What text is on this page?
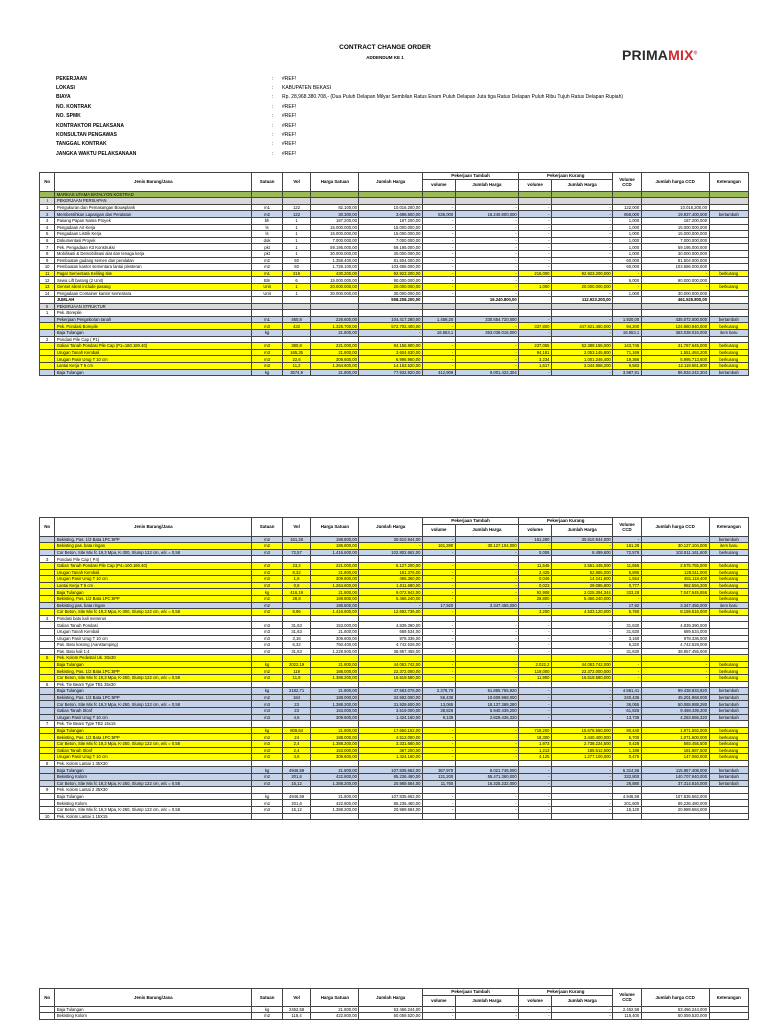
CONTRACT CHANGE ORDER
ADDENDUM KE 1	PRIMAMIX®
PEKERJAAN	:	#REF!
LOKASI	:	KABUPATEN BEKASI
BIAYA	:	Rp. 28,968.380.708,- (Dua Puluh Delapan Milyar Sembilan Ratus Enam Puluh Delapan Juta tiga Ratus Delapan Puluh Ribu Tujuh Ratus Delapan Rupiah)
NO. KONTRAK	:	#REF!
NO. SPMK	:	#REF!
KONTRAKTOR PELAKSANA	:	#REF!
KONSULTAN PENGAWAS	:	#REF!
TANGGAL KONTRAK	:	#REF!
JANGKA WAKTU PELAKSANAAN	:	#REF!
No	Jenis Barang/Jasa	Satuan	Vol	Harga Satuan	Jumlah Harga	Pekerjaan Tambah		Pekerjaan Kurang		Volume CCD	Jumlah harga CCD	Keterangan
						volume	Jumlah Harga	volume	Jumlah Harga			
	MARKAS UTAMA BATALYON KOSTRAD											
I	PEKERJAAN PERSIAPAN											
1	Pengukuran dan Pemasangan Bouwplank	m1	122	82.100,00	10.016.200,00	-	-	-	-	122,000	10.016.200,00	
2	Membersihkan Lapangan dan Peralatan	m2	122	30.300,00	3.696.600,00	536,000	16.240.800,000	-	-	658,000	19.937.400,000	bertambah
3	Pasang Papan Nama Proyek	bh	1	187.200,00	187.200,00	-	-	-	-	1,000	187.200,000	
4	Pengadaan Air Kerja	ls	1	15.000.000,00	15.000.000,00	-	-	-	-	1,000	15.000.000,000	
5	Pengadaan Listrik Kerja	ls	1	15.000.000,00	15.000.000,00	-	-	-	-	1,000	15.000.000,000	
6	Dokumentasi Proyek	dok	1	7.000.000,00	7.000.000,00	-	-	-	-	1,000	7.000.000,000	
7	Pek. Pengadaan K3 Konstruksi	pkt	1	59.195.000,00	59.195.000,00	-	-	-	-	1,000	59.195.000,000	
8	Mobilisasi & Demobilisasi alat dan tenaga kerja	pkt	1	30.000.000,00	30.000.000,00	-	-	-	-	1,000	30.000.000,000	
9	Pembuatan gudang semen dan peralatan	m2	60	1.358.400,00	81.504.000,00	-	-	-	-	60,000	81.504.000,000	
10	Pembuatan kantor sementara lantai plesteran	m2	60	1.728.100,00	103.686.000,00	-	-	-	-	60,000	103.686.000,000	
11	Pagar Sementara Keliling site	m1	216	430.200,00	92.923.200,00	-	-	216,000	92.923.200,000	-	-	berkurang
12	Sewa Lift barang (2 Unit)	Bln	6	15.000.000,00	90.000.000,00	-	-	-	-	6,000	90.000.000,000	
13	Genset silent include pasang	Unit	1	20.000.000,00	20.000.000,00	-	-	1,000	20.000.000,000	-	-	berkurang
14	Pengadaan Container kantor sementara	Unit	1	30.000.000,00	30.000.000,00	-	-	-	-	1,000	30.000.000,000	
	JUMLAH				558.208.200,00		16.240.800,00		112.923.200,00		461.525.800,00	
II	PEKERJAAN STRUKTUR											
1	Pek. Borepile											
	Pekerjaan Pengeboran tanah	m1	460,8	226.600,00	104.417.280,00	1.459,20	330.654.720,000	-	-	1.920,00	435.072.000,000	bertambah
	Pek. Pondasi Borepile	m3	432	1.325.700,00	572.702.400,00	-	-	337,800	447.821.460,000	94,200	124.880.940,000	berkurang
	Baja Tulangan	kg		21.800,00	-	16.653,1	363.038.016,000	-	-	16.653,1	363.038.016,000	item baru
2	Pondasi Pile Cap ( P1)											
	Galian Tanah Pondasi Pile Cap (P1=180.180.40)	m3	380,8	221.000,00	84.156.800,00	-	-	237,055	52.389.155,000	143,745	31.767.645,000	berkurang
	Urugan Tanah Kembali	m3	165,35	21.800,00	3.604.630,00	-	-	94,181	2.053.145,800	71,169	1.551.484,200	berkurang
	Urugan Pasir Urug T 10 cm	m3	22,6	309.600,00	6.996.960,00	-	-	3,234	1.001.246,400	19,366	5.995.713,600	berkurang
	Lantai Kerja T 5 cm	m3	11,2	1.264.600,00	14.163.520,00	-	-	1,617	2.044.858,200	9,583	12.118.661,800	berkurang
	Baja Tulangan	kg	3574,9	21.800,00	77.932.820,00	412,909	9.001.422,304	-	-	3.987,81	86.934.242,304	bertambah
No	Jenis Barang/Jasa	Satuan	Vol	Harga Satuan	Jumlah Harga	Pekerjaan Tambah		Pekerjaan Kurang		Volume CCD	Jumlah harga CCD	Keterangan
						volume	Jumlah Harga	volume	Jumlah Harga			
	Bekisting, Pas. 1/2 Bata 1PC:5PP	m2	161,28	188.800,00	30.610.944,00	-	-	161,280	30.610.944,000	-	-	bertambah
	Bekisting pas. bata ringan	m2		186.800,00	-	161,280	30.127.104,000	-	-	161,28	30.127.104,000	item baru
	Cor Beton, Site Mix fc 19,3 Mpa, K-300, Slump 122 cm, w/c = 0,58	m3	72,57	1.416.600,00	102.802.662,00	-	-	0,006	8.499,600	72,576	102.811.161,600	berkurang
3	Pondasi Pile Cap ( P4)											
	Galian Tanah Pondasi Pile Cap (P4=100.180.40)	m3	23,2	221.000,00	5.127.200,00	-	-	11,545	2.551.445,000	11,655	2.575.755,000	berkurang
	Urugan Tanah Kembali	m3	8,32	21.800,00	181.376,00	-	-	2,425	52.865,000	5,895	128.511,000	berkurang
	Urugan Pasir Urug T 10 cm	m3	1,6	309.600,00	495.360,00	-	-	0,046	14.241,600	1,554	481.118,400	berkurang
	Lantai Kerja T 5 cm	m3	0,8	1.264.600,00	1.011.680,00	-	-	0,023	29.085,800	0,777	982.594,200	berkurang
	Baja Tulangan	kg	416,19	21.800,00	9.072.942,00	-	-	92,908	2.025.394,344	323,28	7.047.545,856	berkurang
	Bekisting, Pas. 1/2 Bata 1PC:5PP	m2	28,8	189.800,00	5.466.240,00	-	-	28,800	5.466.240,000	-	-	berkurang
	Bekisting pas. bata ringan	m2		186.800,00	-	17,920	3.347.456,000	-	-	17,92	3.347.456,000	item baru
	Cor Beton, Site Mix fc 19,3 Mpa, K-300, Slump 122 cm, w/c = 0,58	m3	8,96	1.416.600,00	12.692.736,00	-	-	3,200	4.533.120,000	5,760	8.159.616,000	berkurang
4	Pondasi batu kali menerus											
	Galian Tanah Pondasi	m3	31,63	153.000,00	4.839.390,00	-	-	-	-	31,630	4.839.390,000	
	Urugan Tanah Kembali	m3	31,63	21.800,00	689.534,00	-	-	-	-	31,630	689.534,000	
	Urugan Pasir Urug T 10 cm	m3	3,16	309.600,00	978.336,00	-	-	-	-	3,160	978.336,000	
	Pas. Batu kosong (Aanstamping)	m3	6,32	750.400,00	4.742.528,00	-	-	-	-	6,320	4.742.528,000	
	Pas. Batu kali 1:4	m3	31,63	1.228.500,00	38.857.455,00	-	-	-	-	31,630	38.857.455,000	
5	Pek. Kolom Pedestal Uk. 30x30											
	Baja Tulangan	kg	2022,19	21.800,00	44.083.742,00	-	-	2.022,2	44.083.742,000	-	-	berkurang
	Bekisting, Pas. 1/2 Bata 1PC:5PP	m2	119	188.000,00	22.372.000,00	-	-	119,000	22.372.000,000	-	-	berkurang
	Cor Beton, Site Mix fc 19,3 Mpa, K-250, Slump 122 cm, w/c = 0,58	m3	11,9	1.388.200,00	16.519.580,00	-	-	11,900	16.519.580,000	-	-	berkurang
6	Pek. Tie Beam Type TB1 35x30											
	Baja Tulangan	kg	2182,71	21.800,00	47.583.078,00	2.378,70	51.855.755,920	-	-	4.561,41	99.438.833,920	bertambah
	Bekisting, Pas. 1/2 Bata 1PC:5PP	m2	184	188.000,00	34.592.000,00	56,436	10.609.968,000	-	-	240,436	45.201.968,000	bertambah
	Cor Beton, Site Mix fc 19,3 Mpa, K-250, Slump 122 cm, w/c = 0,58	m3	23	1.388.200,00	31.928.600,00	13,065	18.137.388,280	-	-	36,065	50.065.988,280	bertambah
	Galian Tanah Sloof	m3	23	153.000,00	3.519.000,00	38,826	5.940.439,200	-	-	61,826	9.459.439,200	bertambah
	Urugan Pasir Urug T 10 cm	m3	4,6	309.600,00	1.424.160,00	9,139	2.829.436,320	-	-	13,739	4.253.656,320	bertambah
7	Pek. Tie Beam Type TB2 15x15											
	Baja Tulangan	kg	809,64	21.800,00	17.650.152,00	-	-	719,200	15.678.560,000	90,440	1.971.592,000	berkurang
	Bekisting, Pas. 1/2 Bata 1PC:5PP	m2	24	188.000,00	4.512.000,00	-	-	18,300	3.440.400,000	5,700	1.071.600,000	berkurang
	Cor Beton, Site Mix fc 19,3 Mpa, K-250, Slump 122 cm, w/c = 0,58	m3	2,4	1.388.200,00	3.331.680,00	-	-	1,973	2.738.224,500	0,428	593.455,500	berkurang
	Galian Tanah Sloof	m3	2,4	153.000,00	367.200,00	-	-	1,213	185.512,500	1,188	181.687,500	berkurang
	Urugan Pasir Urug T 10 cm	m3	4,6	309.600,00	1.424.160,00	-	-	4,125	1.277.100,000	0,475	147.060,000	berkurang
8	Pek. Kolom Lantai 1 35X30											
	Baja Tulangan	kg	4946,59	21.800,00	107.835.662,00	367,970	8.021.746,000	-	-	5.314,56	115.857.408,000	bertambah
	Bekisting Kolom	m2	201,6	422.800,00	85.236.480,00	131,200	55.471.360,000	-	-	332,800	140.707.840,000	bertambah
	Cor Beton, Site Mix fc 19,3 Mpa, K-250, Slump 122 cm, w/c = 0,58	m3	15,12	1.388.200,00	20.989.584,00	11,760	16.325.232,000	-	-	26,880	37.314.816,000	bertambah
9	Pek. Kolom Lantai 2 35X30											
	Baja Tulangan	kg	4946,59	21.800,00	107.835.662,00	-	-	-	-	4.946,59	107.835.662,000	
	Bekisting Kolom	m2	201,6	422.800,00	85.236.480,00	-	-	-	-	201,600	85.236.480,000	
	Cor Beton, Site Mix fc 19,3 Mpa, K-250, Slump 122 cm, w/c = 0,58	m3	15,12	1.388.200,00	20.989.584,00	-	-	-	-	15,120	20.989.584,000	
10	Pek. Kolom Lantai 1 15X15											
No	Jenis Barang/Jasa	Satuan	Vol	Harga Satuan	Jumlah Harga	Pekerjaan Tambah		Pekerjaan Kurang		Volume CCD	Jumlah harga CCD	Keterangan
						volume	Jumlah Harga	volume	Jumlah Harga			
	Baja Tulangan	kg	2452,58	21.800,00	53.466.244,00	-	-	-	-	2.452,58	53.466.244,000	
	Bekisting Kolom	m2	118,4	422.800,00	50.059.520,00	-	-	-	-	118,400	50.059.520,000	
